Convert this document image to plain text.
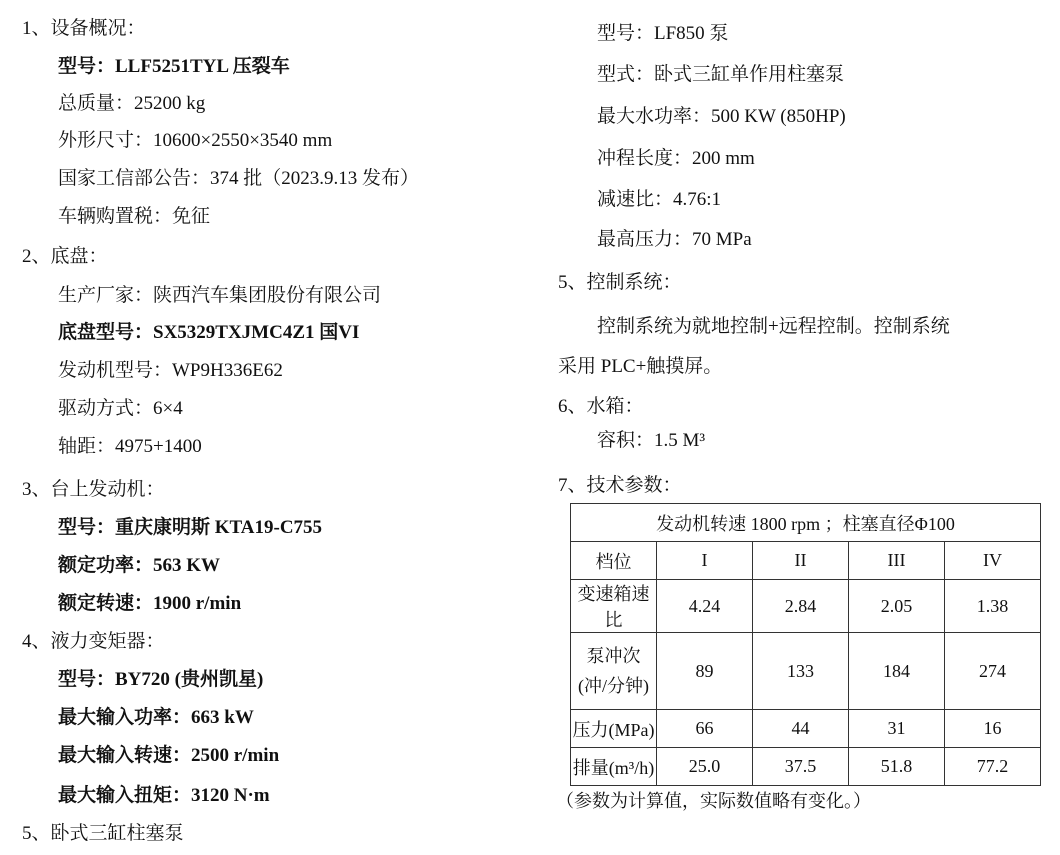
1、设备概况：
型号：LLF5251TYL 压裂车
总质量：25200 kg
外形尺寸：10600×2550×3540 mm
国家工信部公告：374 批（2023.9.13 发布）
车辆购置税：免征
2、底盘：
生产厂家：陕西汽车集团股份有限公司
底盘型号：SX5329TXJMC4Z1 国VI
发动机型号：WP9H336E62
驱动方式：6×4
轴距：4975+1400
3、台上发动机：
型号：重庆康明斯 KTA19-C755
额定功率：563 KW
额定转速：1900 r/min
4、液力变矩器：
型号：BY720 (贵州凯星)
最大输入功率：663 kW
最大输入转速：2500 r/min
最大输入扭矩：3120 N·m
5、卧式三缸柱塞泵
型号：LF850 泵
型式：卧式三缸单作用柱塞泵
最大水功率：500 KW (850HP)
冲程长度：200 mm
减速比：4.76:1
最高压力：70 MPa
5、控制系统：
控制系统为就地控制+远程控制。控制系统
采用 PLC+触摸屏。
6、水箱：
容积：1.5 M³
7、技术参数：
发动机转速 1800 rpm ；柱塞直径Φ100				
档位	I	II	III	IV
变速箱速比	4.24	2.84	2.05	1.38

泵冲次
(冲/分钟)	89	133	184	274
压力(MPa)	66	44	31	16
排量(m³/h)	25.0	37.5	51.8	77.2
（参数为计算值，实际数值略有变化。）
